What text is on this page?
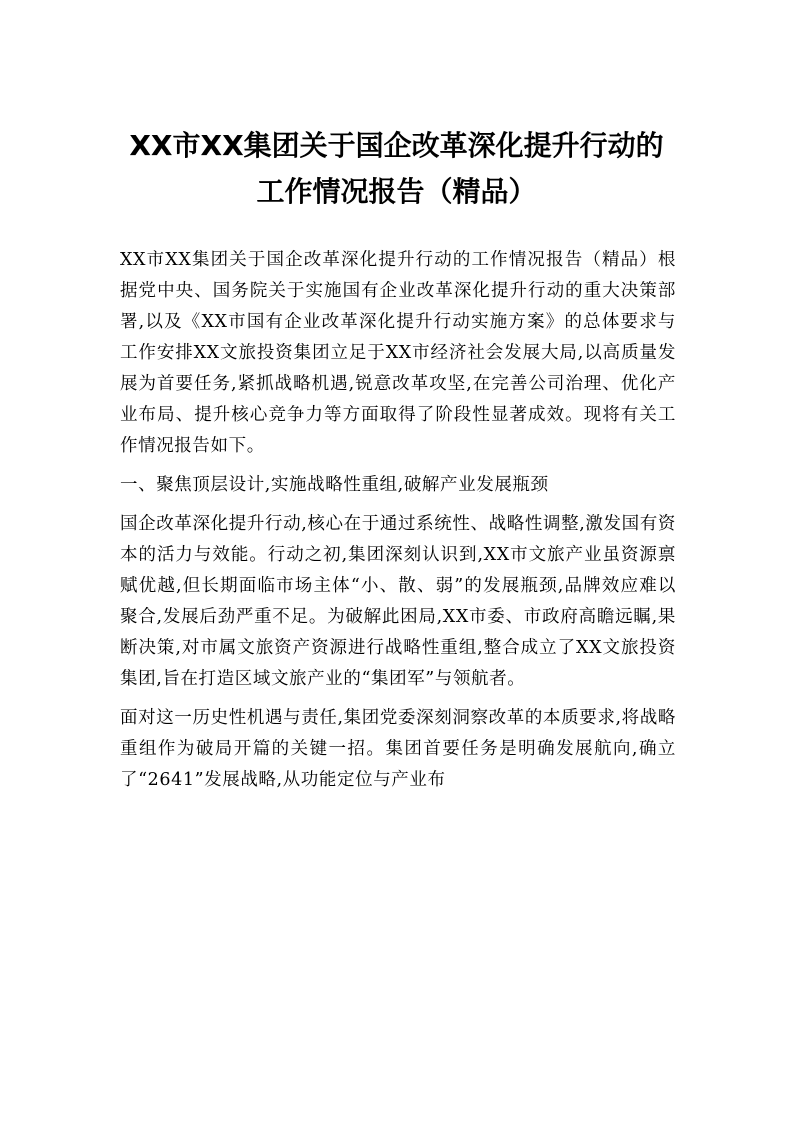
XX市XX集团关于国企改革深化提升行动的
工作情况报告（精品）

XX市XX集团关于国企改革深化提升行动的工作情况报告（精品）根据党中央、国务院关于实施国有企业改革深化提升行动的重大决策部署,以及《XX市国有企业改革深化提升行动实施方案》的总体要求与工作安排XX文旅投资集团立足于XX市经济社会发展大局,以高质量发展为首要任务,紧抓战略机遇,锐意改革攻坚,在完善公司治理、优化产业布局、提升核心竞争力等方面取得了阶段性显著成效。现将有关工作情况报告如下。

一、聚焦顶层设计,实施战略性重组,破解产业发展瓶颈

国企改革深化提升行动,核心在于通过系统性、战略性调整,激发国有资本的活力与效能。行动之初,集团深刻认识到,XX市文旅产业虽资源禀赋优越,但长期面临市场主体“小、散、弱”的发展瓶颈,品牌效应难以聚合,发展后劲严重不足。为破解此困局,XX市委、市政府高瞻远瞩,果断决策,对市属文旅资产资源进行战略性重组,整合成立了XX文旅投资集团,旨在打造区域文旅产业的“集团军”与领航者。

面对这一历史性机遇与责任,集团党委深刻洞察改革的本质要求,将战略重组作为破局开篇的关键一招。集团首要任务是明确发展航向,确立了“2641”发展战略,从功能定位与产业布
